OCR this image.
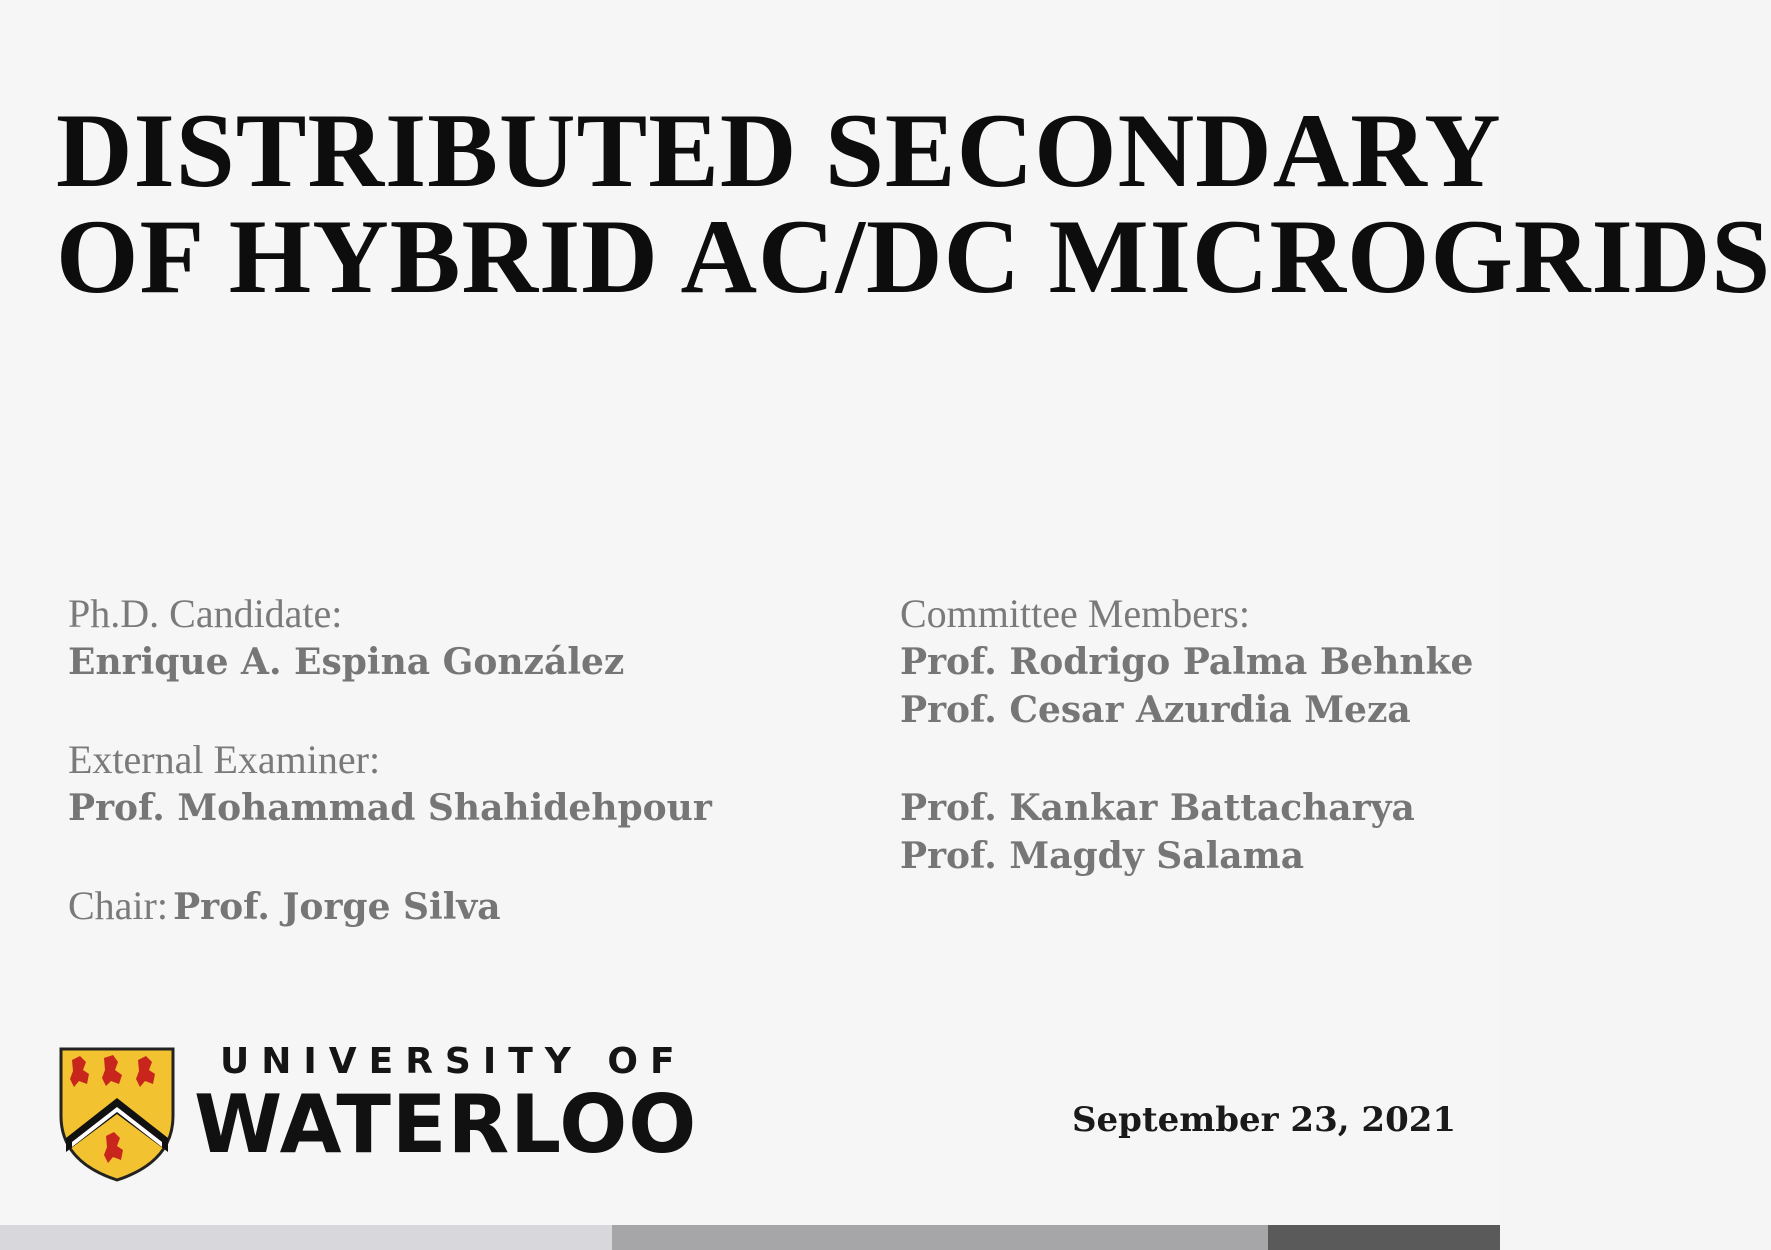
DISTRIBUTED SECONDARY
OF HYBRID AC/DC MICROGRIDS
Ph.D. Candidate:
Enrique A. Espina González
External Examiner:
Prof. Mohammad Shahidehpour
Chair: Prof. Jorge Silva
Committee Members:
Prof. Rodrigo Palma Behnke
Prof. Cesar Azurdia Meza
Prof. Kankar Battacharya
Prof. Magdy Salama
UNIVERSITY OF
WATERLOO	September 23, 2021
